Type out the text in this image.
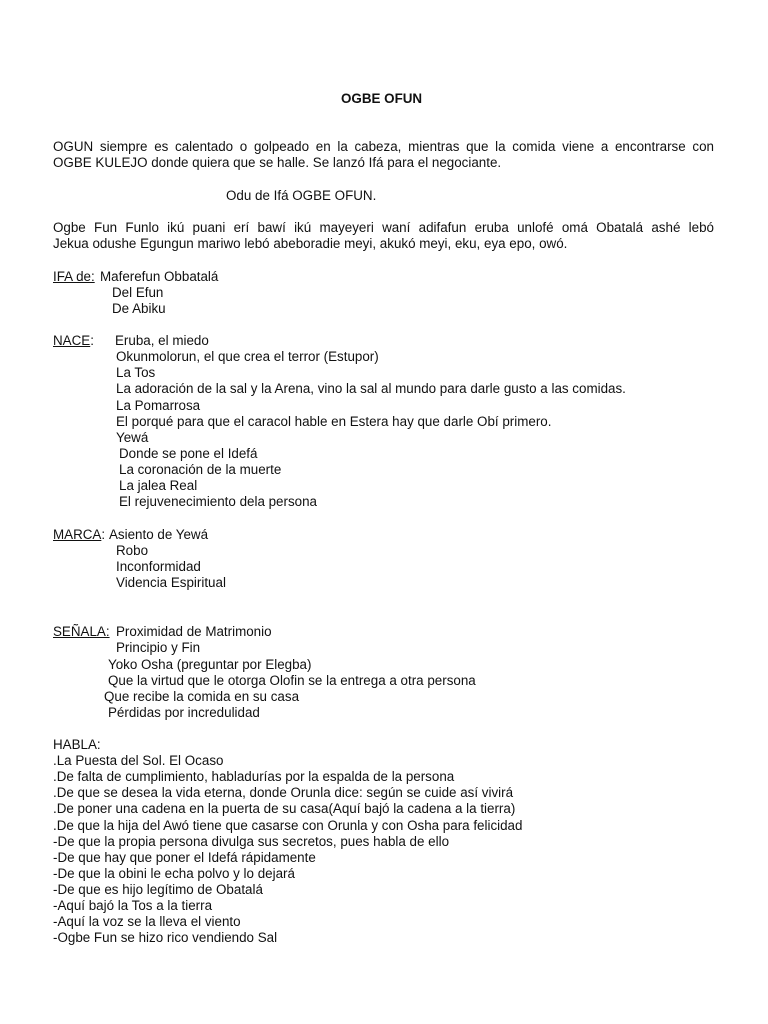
OGBE OFUN
OGUN siempre es calentado o golpeado en la cabeza, mientras que la comida viene a encontrarse con
OGBE KULEJO donde quiera que se halle. Se lanzó Ifá para el negociante.
Odu de Ifá OGBE OFUN.
Ogbe Fun Funlo ikú puani erí bawí ikú mayeyeri waní adifafun eruba unlofé omá Obatalá ashé lebó
Jekua odushe Egungun mariwo lebó abeboradie meyi, akukó meyi, eku, eya epo, owó.
IFA de: Maferefun Obbatalá
Del Efun
De Abiku
NACE: Eruba, el miedo
Okunmolorun, el que crea el terror (Estupor)
La Tos
La adoración de la sal y la Arena, vino la sal al mundo para darle gusto a las comidas.
La Pomarrosa
El porqué para que el caracol hable en Estera hay que darle Obí primero.
Yewá
Donde se pone el Idefá
La coronación de la muerte
La jalea Real
El rejuvenecimiento dela persona
MARCA: Asiento de Yewá
Robo
Inconformidad
Videncia Espiritual
SEÑALA: Proximidad de Matrimonio
Principio y Fin
Yoko Osha (preguntar por Elegba)
Que la virtud que le otorga Olofin se la entrega a otra persona
Que recibe la comida en su casa
Pérdidas por incredulidad
HABLA:
.La Puesta del Sol. El Ocaso
.De falta de cumplimiento, habladurías por la espalda de la persona
.De que se desea la vida eterna, donde Orunla dice: según se cuide así vivirá
.De poner una cadena en la puerta de su casa(Aquí bajó la cadena a la tierra)
.De que la hija del Awó tiene que casarse con Orunla y con Osha para felicidad
-De que la propia persona divulga sus secretos, pues habla de ello
-De que hay que poner el Idefá rápidamente
-De que la obini le echa polvo y lo dejará
-De que es hijo legítimo de Obatalá
-Aquí bajó la Tos a la tierra
-Aquí la voz se la lleva el viento
-Ogbe Fun se hizo rico vendiendo Sal
